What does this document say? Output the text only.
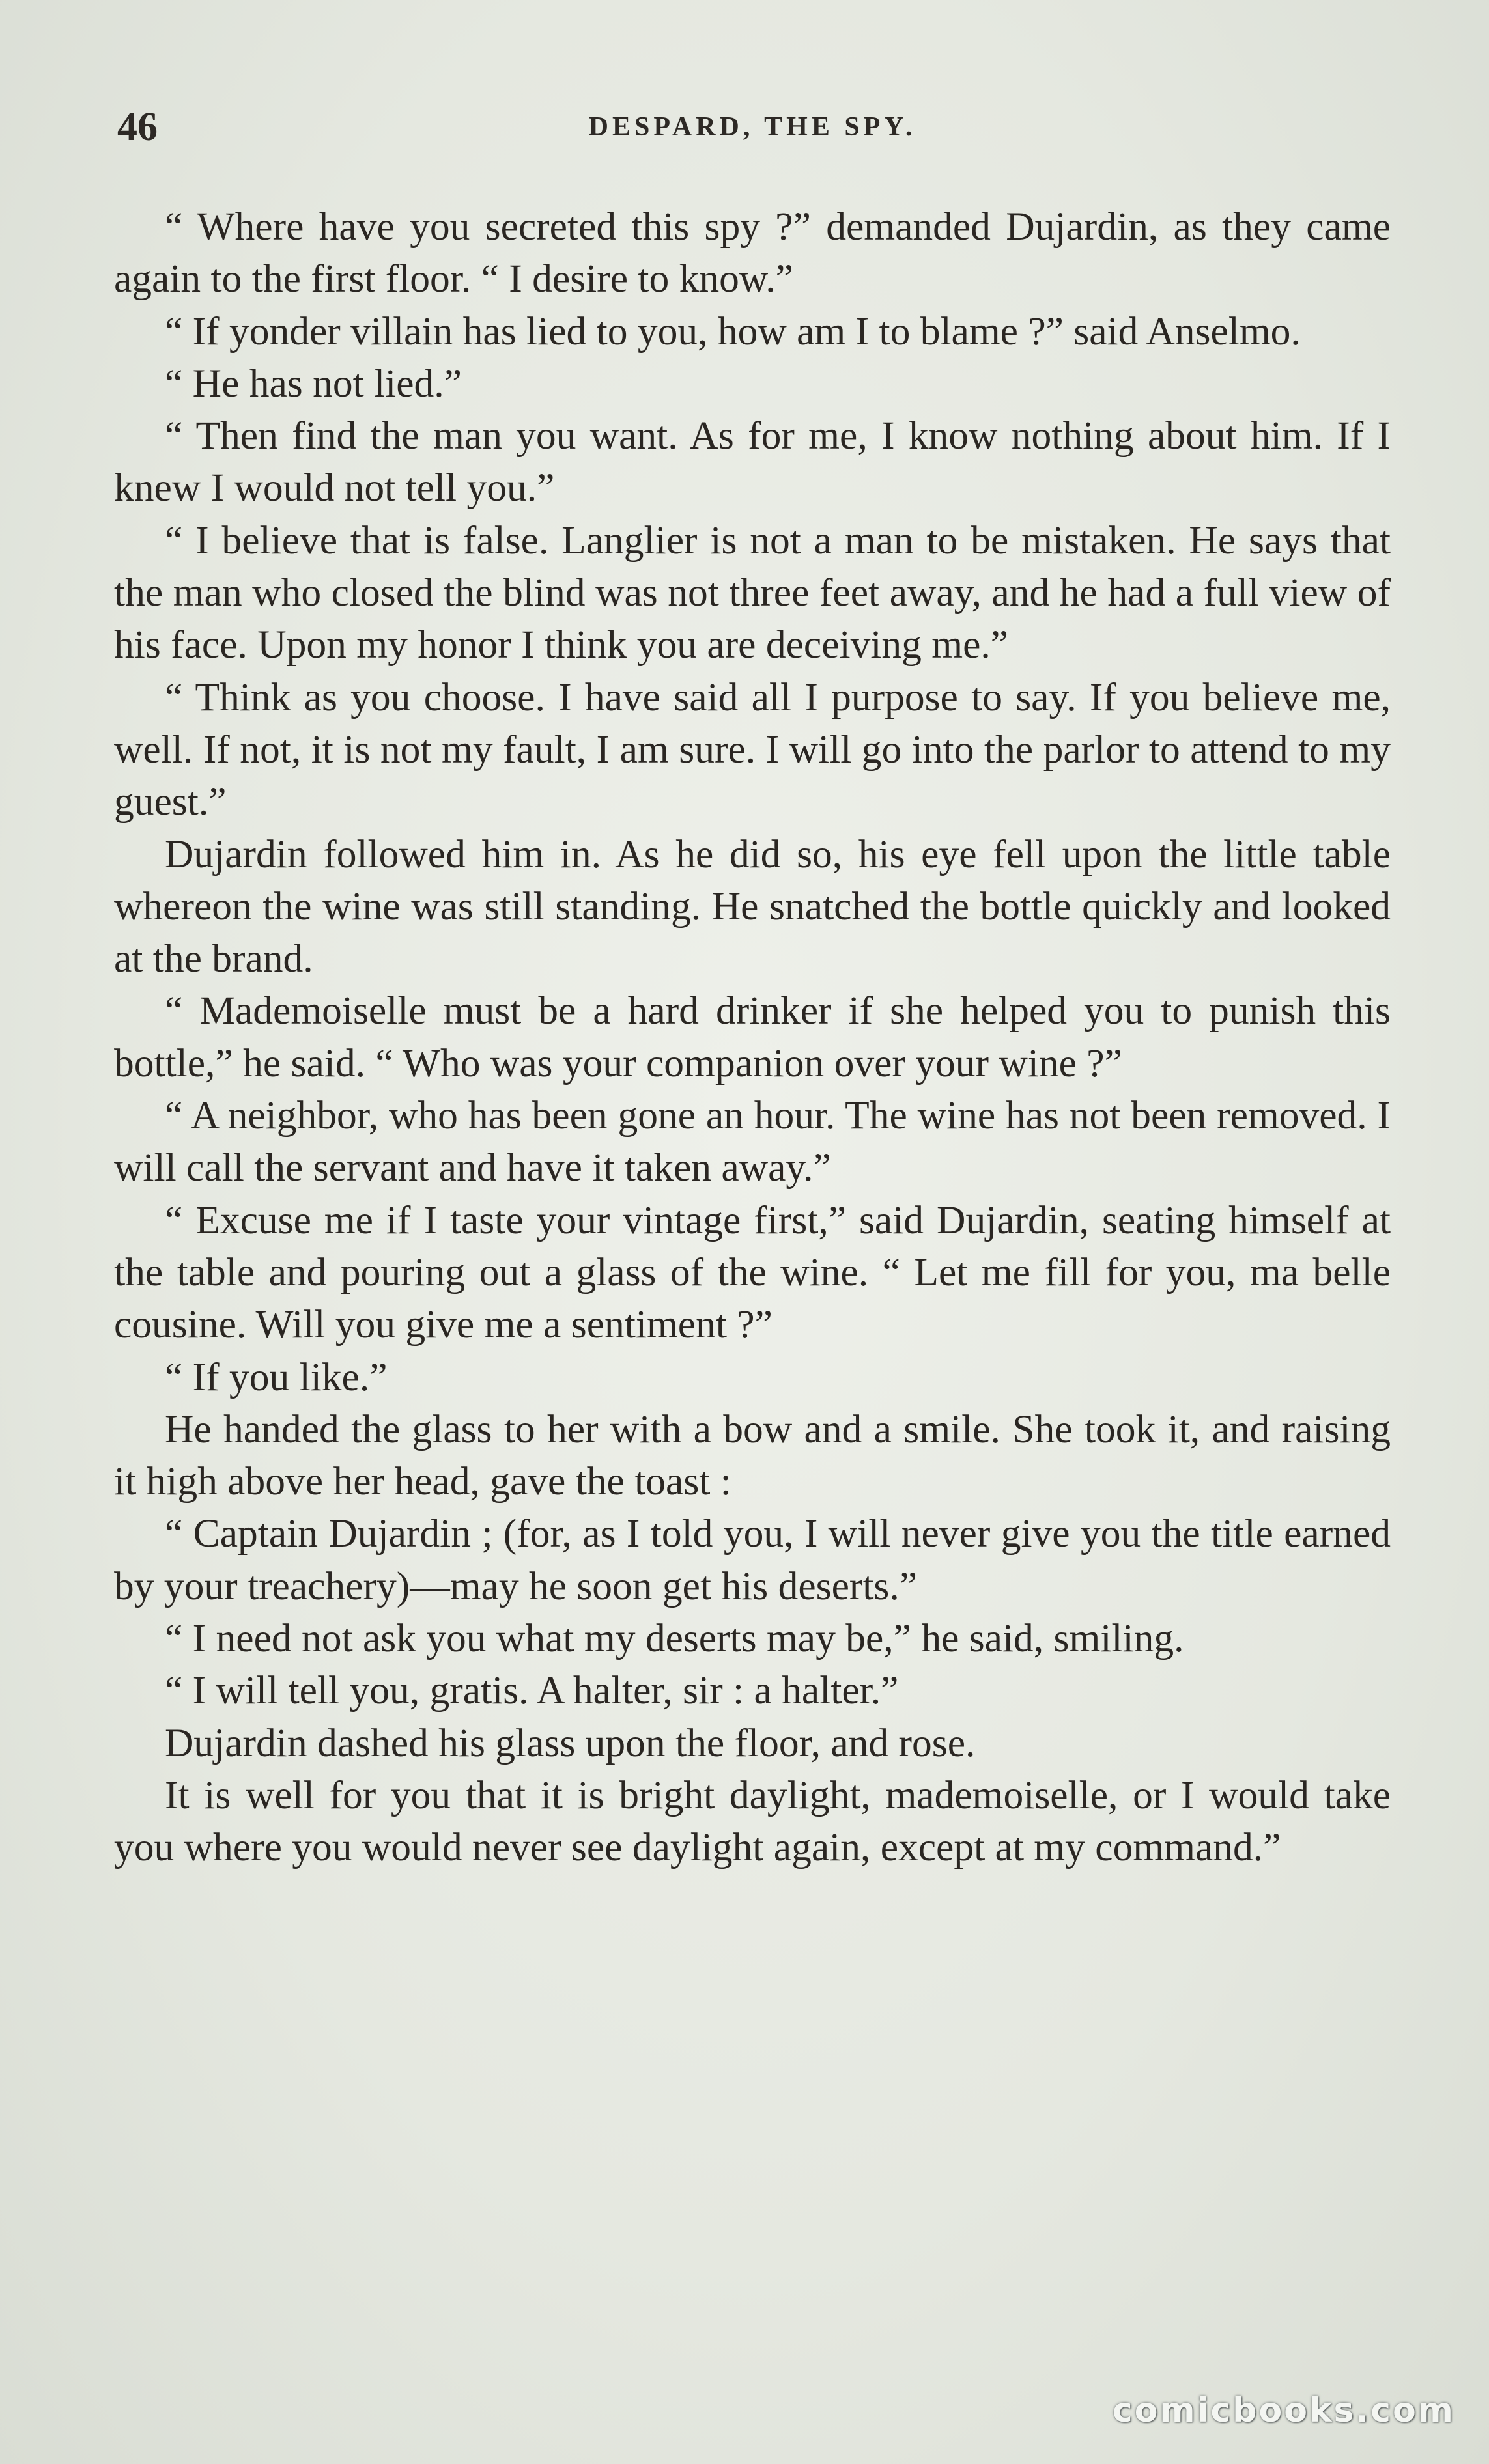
46	DESPARD, THE SPY.

“ Where have you secreted this spy ?” demanded Dujardin, as they came again to the first floor. “ I desire to know.”

“ If yonder villain has lied to you, how am I to blame ?” said Anselmo.

“ He has not lied.”

“ Then find the man you want. As for me, I know nothing about him. If I knew I would not tell you.”

“ I believe that is false. Langlier is not a man to be mistaken. He says that the man who closed the blind was not three feet away, and he had a full view of his face. Upon my honor I think you are deceiving me.”

“ Think as you choose. I have said all I purpose to say. If you believe me, well. If not, it is not my fault, I am sure. I will go into the parlor to attend to my guest.”

Dujardin followed him in. As he did so, his eye fell upon the little table whereon the wine was still standing. He snatched the bottle quickly and looked at the brand.

“ Mademoiselle must be a hard drinker if she helped you to punish this bottle,” he said. “ Who was your companion over your wine ?”

“ A neighbor, who has been gone an hour. The wine has not been removed. I will call the servant and have it taken away.”

“ Excuse me if I taste your vintage first,” said Dujardin, seating himself at the table and pouring out a glass of the wine. “ Let me fill for you, ma belle cousine. Will you give me a sentiment ?”

“ If you like.”

He handed the glass to her with a bow and a smile. She took it, and raising it high above her head, gave the toast :

“ Captain Dujardin ; (for, as I told you, I will never give you the title earned by your treachery)—may he soon get his deserts.”

“ I need not ask you what my deserts may be,” he said, smiling.

“ I will tell you, gratis. A halter, sir : a halter.”

Dujardin dashed his glass upon the floor, and rose.

It is well for you that it is bright daylight, mademoiselle, or I would take you where you would never see daylight again, except at my command.”

comicbooks.com
